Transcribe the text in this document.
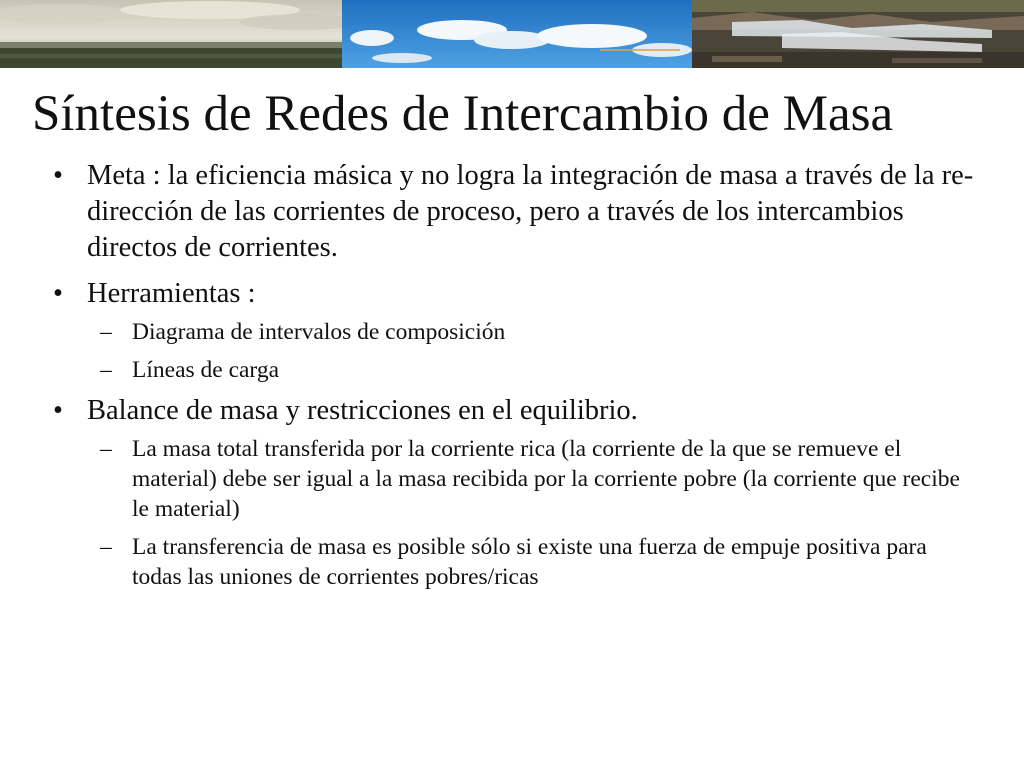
Síntesis de Redes de Intercambio de Masa
• Meta : la eficiencia másica y no logra la integración de masa a través de la re-dirección de las corrientes de proceso, pero a través de los intercambios directos de corrientes.
• Herramientas :
– Diagrama de intervalos de composición
– Líneas de carga
• Balance de masa y restricciones en el equilibrio.
– La masa total transferida por la corriente rica (la corriente de la que se remueve el material) debe ser igual a la masa recibida por la corriente pobre (la corriente que recibe le material)
– La transferencia de masa es posible sólo si existe una fuerza de empuje positiva para todas las uniones de corrientes pobres/ricas
